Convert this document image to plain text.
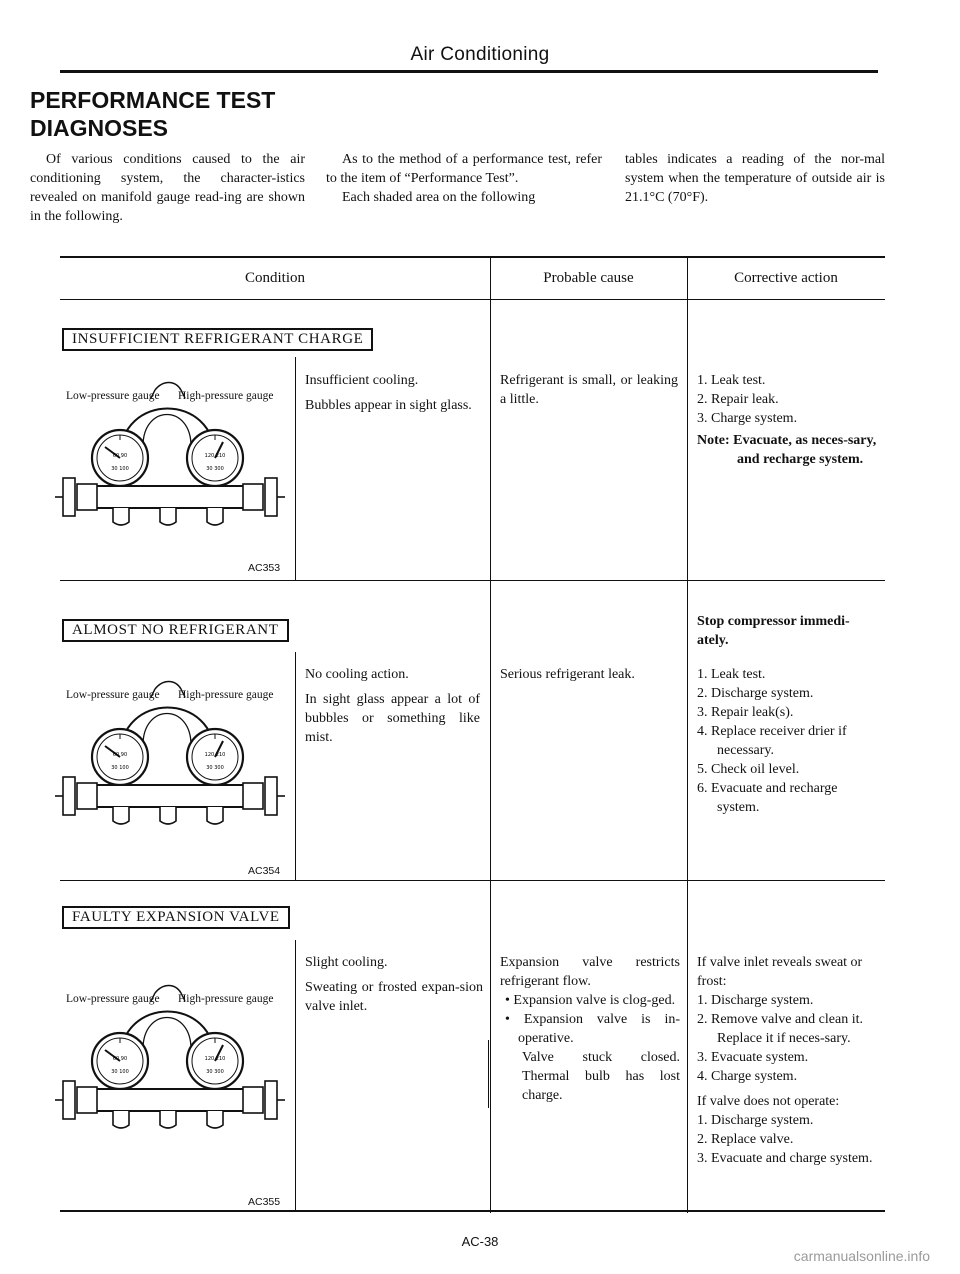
Air Conditioning
PERFORMANCE TEST
DIAGNOSES

Of various conditions caused to the air conditioning system, the character-istics revealed on manifold gauge read-ing are shown in the following.

As to the method of a performance test, refer to the item of “Performance Test”.

Each shaded area on the following

tables indicates a reading of the nor-mal system when the temperature of outside air is 21.1°C (70°F).

Condition	Probable cause	Corrective action
INSUFFICIENT REFRIGERANT CHARGE
Low-pressure gauge High-pressure gauge
AC353

Insufficient cooling.

Bubbles appear in sight glass.

Refrigerant is small, or leaking a little.

1. Leak test.

2. Repair leak.

3. Charge system.

Note: Evacuate, as neces-sary, and recharge system.

ALMOST NO REFRIGERANT
Low-pressure gauge High-pressure gauge
AC354

No cooling action.

In sight glass appear a lot of bubbles or something like mist.

Serious refrigerant leak.

Stop compressor immedi-ately.

1. Leak test.

2. Discharge system.

3. Repair leak(s).

4. Replace receiver drier if necessary.

5. Check oil level.

6. Evacuate and recharge system.

FAULTY EXPANSION VALVE
Low-pressure gauge High-pressure gauge
AC355

Slight cooling.

Sweating or frosted expan-sion valve inlet.

Expansion valve restricts refrigerant flow.

• Expansion valve is clog-ged.

• Expansion valve is in-operative.

Valve stuck closed. Thermal bulb has lost charge.

If valve inlet reveals sweat or frost:

1. Discharge system.

2. Remove valve and clean it. Replace it if neces-sary.

3. Evacuate system.

4. Charge system.

If valve does not operate:

1. Discharge system.

2. Replace valve.

3. Evacuate and charge system.

AC-38
carmanualsonline.info
